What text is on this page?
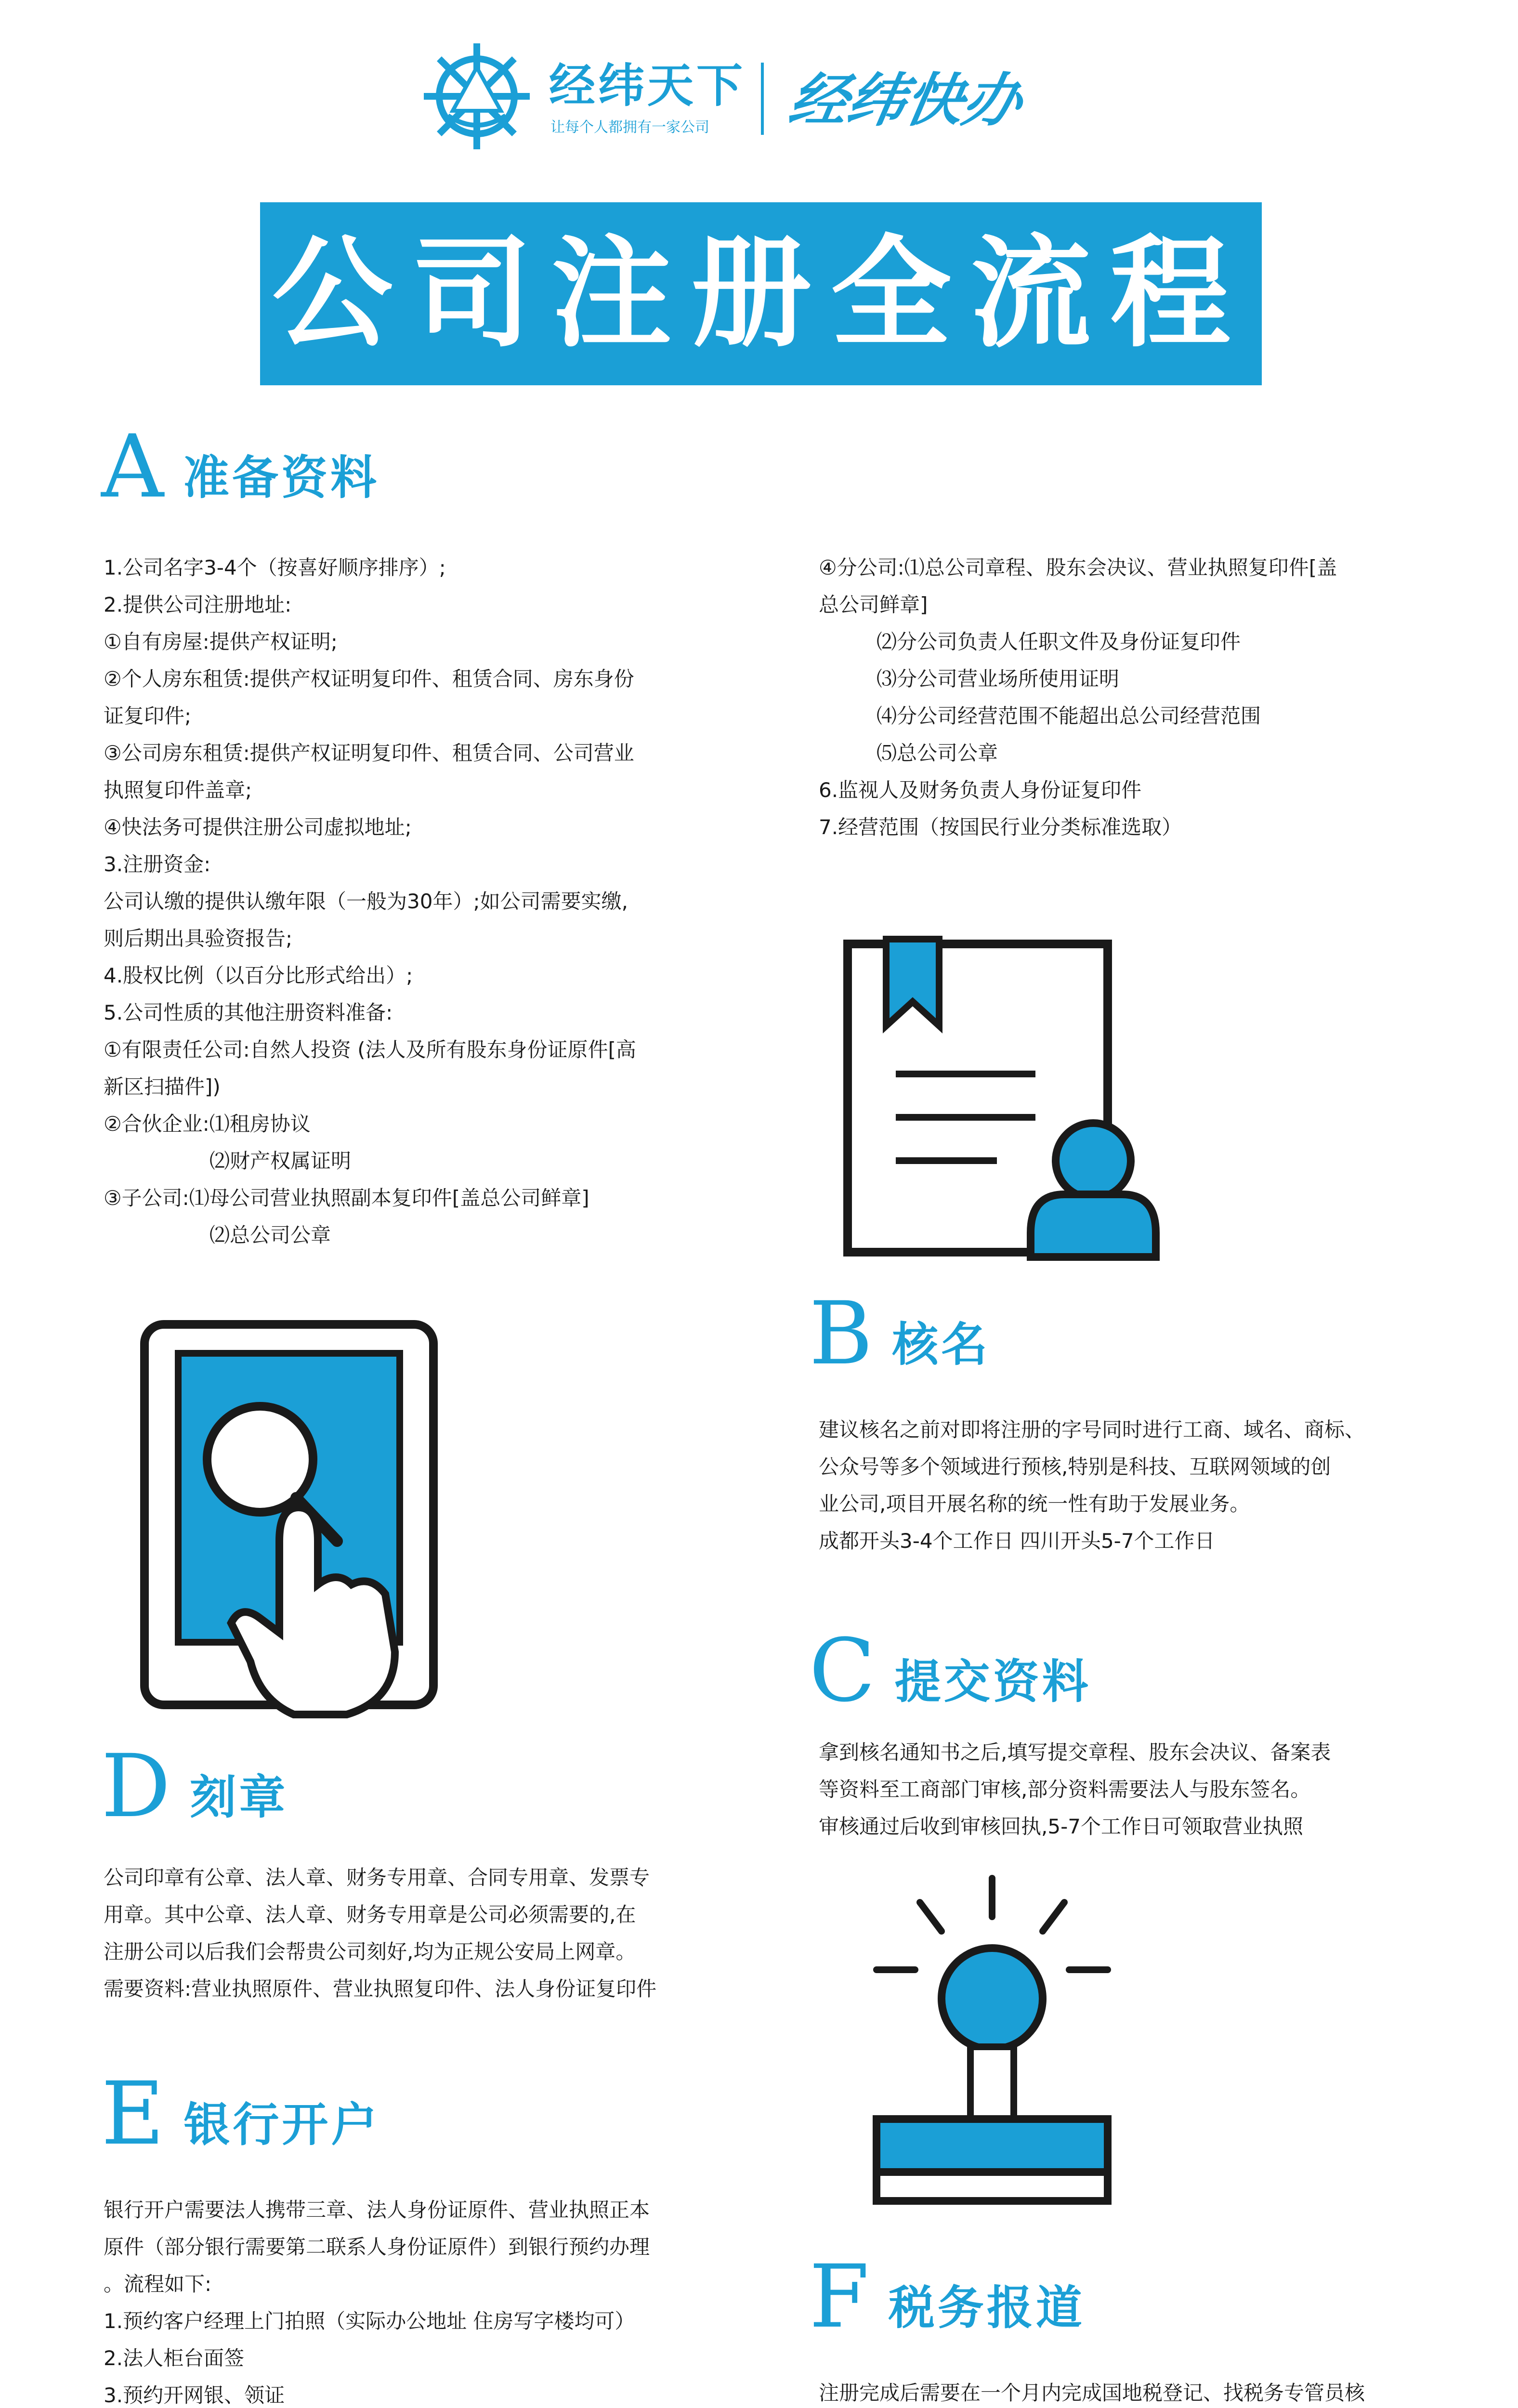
经纬天下
让每个人都拥有一家公司 经纬快办
公司注册全流程
A 准备资料
1.公司名字3-4个（按喜好顺序排序）;
2.提供公司注册地址:
①自有房屋:提供产权证明;
②个人房东租赁:提供产权证明复印件、租赁合同、房东身份
证复印件;
③公司房东租赁:提供产权证明复印件、租赁合同、公司营业
执照复印件盖章;
④快法务可提供注册公司虚拟地址;
3.注册资金:
公司认缴的提供认缴年限（一般为30年）;如公司需要实缴,
则后期出具验资报告;
4.股权比例（以百分比形式给出）;
5.公司性质的其他注册资料准备:
①有限责任公司:自然人投资 (法人及所有股东身份证原件[高
新区扫描件])
②合伙企业:⑴租房协议
⑵财产权属证明
③子公司:⑴母公司营业执照副本复印件[盖总公司鲜章]
⑵总公司公章
④分公司:⑴总公司章程、股东会决议、营业执照复印件[盖
总公司鲜章]
⑵分公司负责人任职文件及身份证复印件
⑶分公司营业场所使用证明
⑷分公司经营范围不能超出总公司经营范围
⑸总公司公章
6.监视人及财务负责人身份证复印件
7.经营范围（按国民行业分类标准选取）
B 核名
建议核名之前对即将注册的字号同时进行工商、域名、商标、
公众号等多个领域进行预核,特别是科技、互联网领域的创
业公司,项目开展名称的统一性有助于发展业务。
成都开头3-4个工作日 四川开头5-7个工作日
C 提交资料
拿到核名通知书之后,填写提交章程、股东会决议、备案表
等资料至工商部门审核,部分资料需要法人与股东签名。
审核通过后收到审核回执,5-7个工作日可领取营业执照
D 刻章
公司印章有公章、法人章、财务专用章、合同专用章、发票专
用章。其中公章、法人章、财务专用章是公司必须需要的,在
注册公司以后我们会帮贵公司刻好,均为正规公安局上网章。
需要资料:营业执照原件、营业执照复印件、法人身份证复印件
E 银行开户
银行开户需要法人携带三章、法人身份证原件、营业执照正本
原件（部分银行需要第二联系人身份证原件）到银行预约办理
。流程如下:
1.预约客户经理上门拍照（实际办公地址 住房写字楼均可）
2.法人柜台面签
3.预约开网银、领证
F 税务报道
注册完成后需要在一个月内完成国地税登记、找税务专管员核
